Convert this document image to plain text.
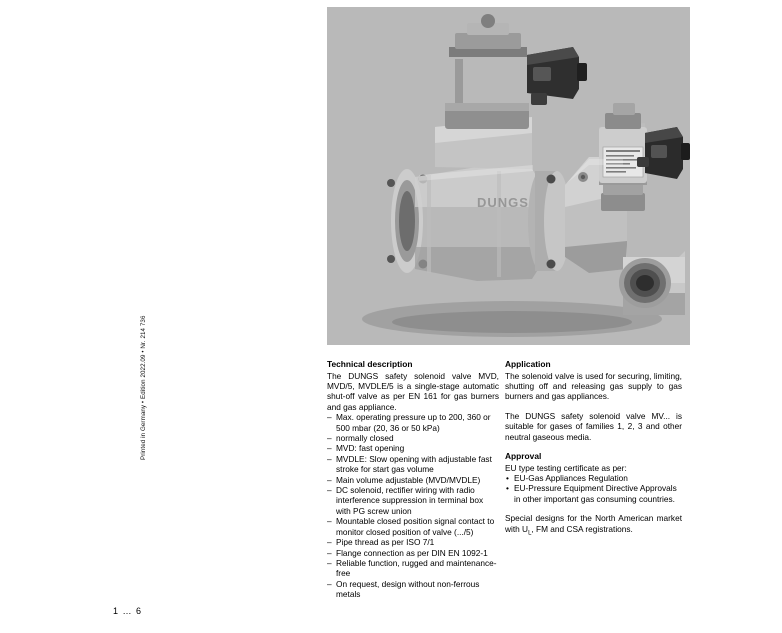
Printed in Germany • Edition 2022.09 • Nr. 214 736
1 … 6
DUNGS
Technical description

The DUNGS safety solenoid valve MVD, MVD/5, MVDLE/5 is a single-stage automatic shut-off valve as per EN 161 for gas burners and gas appliance.

– Max. operating pressure up to 200, 360 or 500 mbar (20, 36 or 50 kPa)
– normally closed
– MVD: fast opening
– MVDLE: Slow opening with adjustable fast stroke for start gas volume
– Main volume adjustable (MVD/MVDLE)
– DC solenoid, rectifier wiring with radio interference suppression in terminal box with PG screw union
– Mountable closed position signal contact to monitor closed position of valve (.../5)
– Pipe thread as per ISO 7/1
– Flange connection as per DIN EN 1092-1
– Reliable function, rugged and maintenance-free
– On request, design without non-ferrous metals
Application

The solenoid valve is used for securing, limiting, shutting off and releasing gas supply to gas burners and gas appliances.

The DUNGS safety solenoid valve MV... is suitable for gases of families 1, 2, 3 and other neutral gaseous media.

Approval

EU type testing certificate as per:

• EU-Gas Appliances Regulation
• EU-Pressure Equipment Directive Approvals in other important gas consuming countries.

Special designs for the North American market with $U_L$, FM and CSA registrations.
